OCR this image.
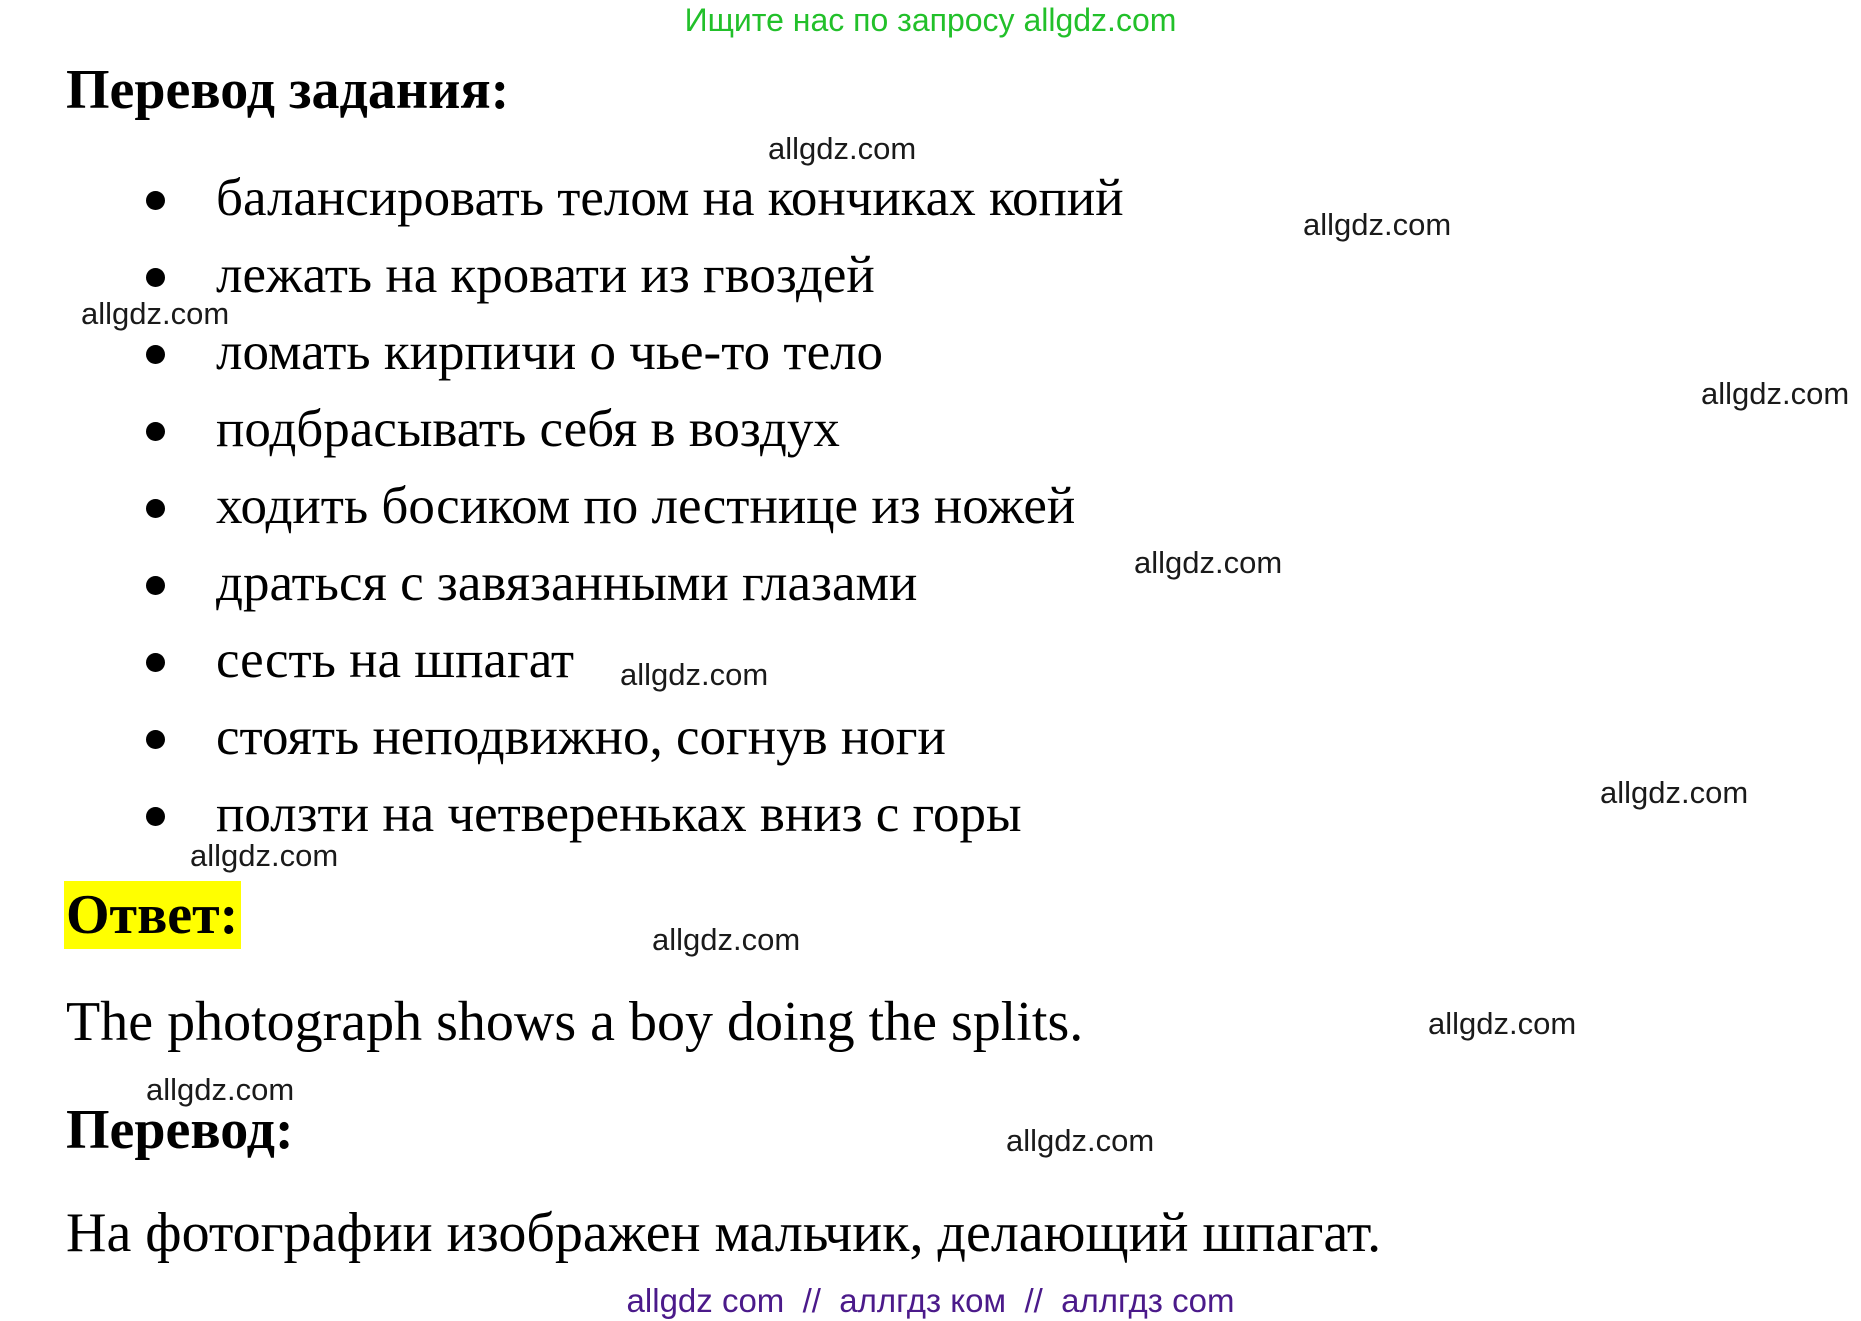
Ищите нас по запросу allgdz.com
Перевод задания:
балансировать телом на кончиках копий
лежать на кровати из гвоздей
ломать кирпичи о чье-то тело
подбрасывать себя в воздух
ходить босиком по лестнице из ножей
драться с завязанными глазами
сесть на шпагат
стоять неподвижно, согнув ноги
ползти на четвереньках вниз с горы
Ответ:
The photograph shows a boy doing the splits.
Перевод:
На фотографии изображен мальчик, делающий шпагат.
allgdz.com
allgdz.com
allgdz.com
allgdz.com
allgdz.com
allgdz.com
allgdz.com
allgdz.com
allgdz.com
allgdz.com
allgdz.com
allgdz.com
allgdz com  //  аллгдз ком  //  аллгдз com
